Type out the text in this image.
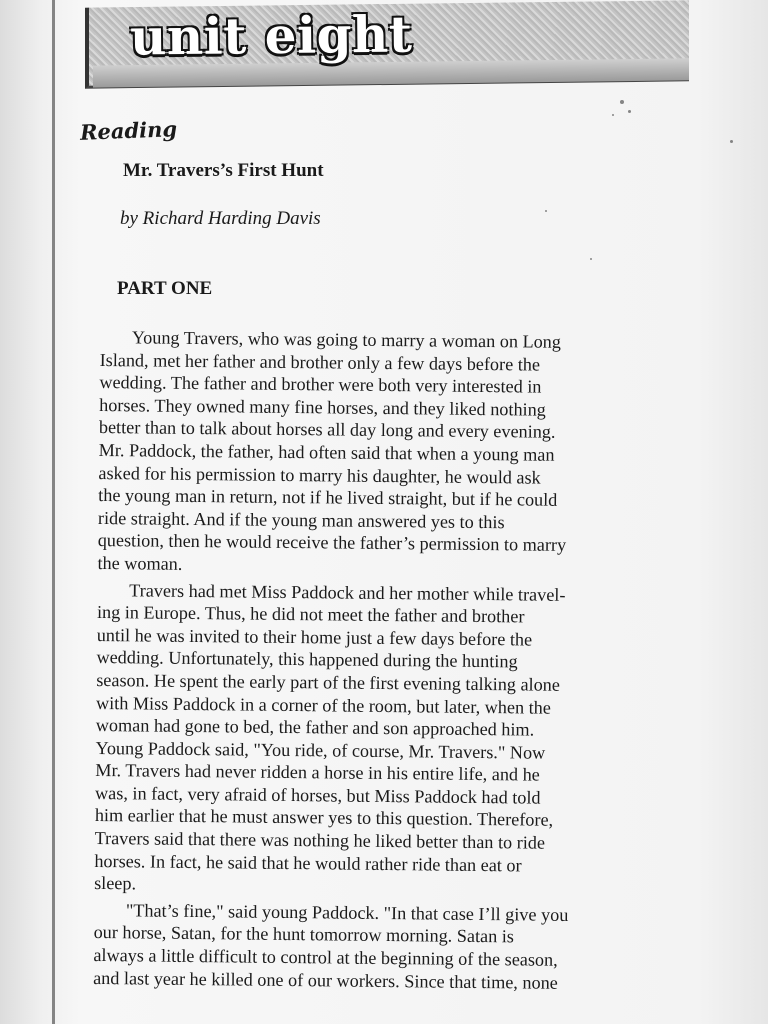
unit eight
Reading
Mr. Travers’s First Hunt

by Richard Harding Davis

PART ONE
Young Travers, who was going to marry a woman on Long
Island, met her father and brother only a few days before the
wedding. The father and brother were both very interested in
horses. They owned many fine horses, and they liked nothing
better than to talk about horses all day long and every evening.
Mr. Paddock, the father, had often said that when a young man
asked for his permission to marry his daughter, he would ask
the young man in return, not if he lived straight, but if he could
ride straight. And if the young man answered yes to this
question, then he would receive the father’s permission to marry
the woman.
Travers had met Miss Paddock and her mother while travel-
ing in Europe. Thus, he did not meet the father and brother
until he was invited to their home just a few days before the
wedding. Unfortunately, this happened during the hunting
season. He spent the early part of the first evening talking alone
with Miss Paddock in a corner of the room, but later, when the
woman had gone to bed, the father and son approached him.
Young Paddock said, "You ride, of course, Mr. Travers." Now
Mr. Travers had never ridden a horse in his entire life, and he
was, in fact, very afraid of horses, but Miss Paddock had told
him earlier that he must answer yes to this question. Therefore,
Travers said that there was nothing he liked better than to ride
horses. In fact, he said that he would rather ride than eat or
sleep.
"That’s fine," said young Paddock. "In that case I’ll give you
our horse, Satan, for the hunt tomorrow morning. Satan is
always a little difficult to control at the beginning of the season,
and last year he killed one of our workers. Since that time, none
